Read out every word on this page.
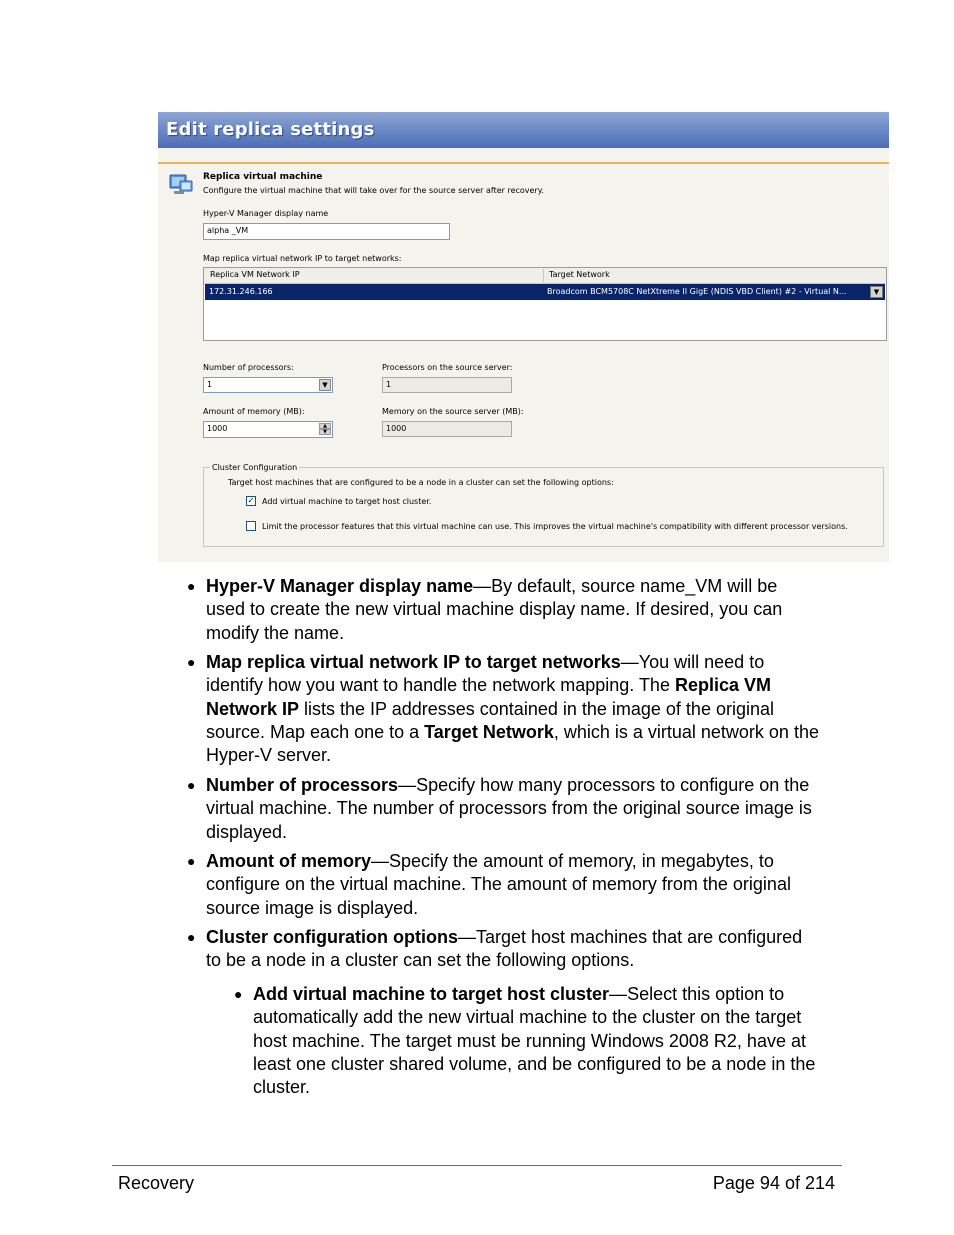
Edit replica settings
Replica virtual machine
Configure the virtual machine that will take over for the source server after recovery.
Hyper-V Manager display name
alpha _VM
Map replica virtual network IP to target networks:
Replica VM Network IP	Target Network
172.31.246.166	Broadcom BCM5708C NetXtreme II GigE (NDIS VBD Client) #2 - Virtual N...	▼
Number of processors:
1	▼
Processors on the source server:
1
Amount of memory (MB):
1000	▲
▼
Memory on the source server (MB):
1000
Cluster Configuration
Target host machines that are configured to be a node in a cluster can set the following options:
✓ Add virtual machine to target host cluster.
Limit the processor features that this virtual machine can use. This improves the virtual machine's compatibility with different processor versions.
● Hyper-V Manager display name—By default, source name_VM will be
used to create the new virtual machine display name. If desired, you can
modify the name.
● Map replica virtual network IP to target networks—You will need to
identify how you want to handle the network mapping. The Replica VM
Network IP lists the IP addresses contained in the image of the original
source. Map each one to a Target Network, which is a virtual network on the
Hyper-V server.
● Number of processors—Specify how many processors to configure on the
virtual machine. The number of processors from the original source image is
displayed.
● Amount of memory—Specify the amount of memory, in megabytes, to
configure on the virtual machine. The amount of memory from the original
source image is displayed.
● Cluster configuration options—Target host machines that are configured
to be a node in a cluster can set the following options.
● Add virtual machine to target host cluster—Select this option to
automatically add the new virtual machine to the cluster on the target
host machine. The target must be running Windows 2008 R2, have at
least one cluster shared volume, and be configured to be a node in the
cluster.
Recovery	Page 94 of 214
